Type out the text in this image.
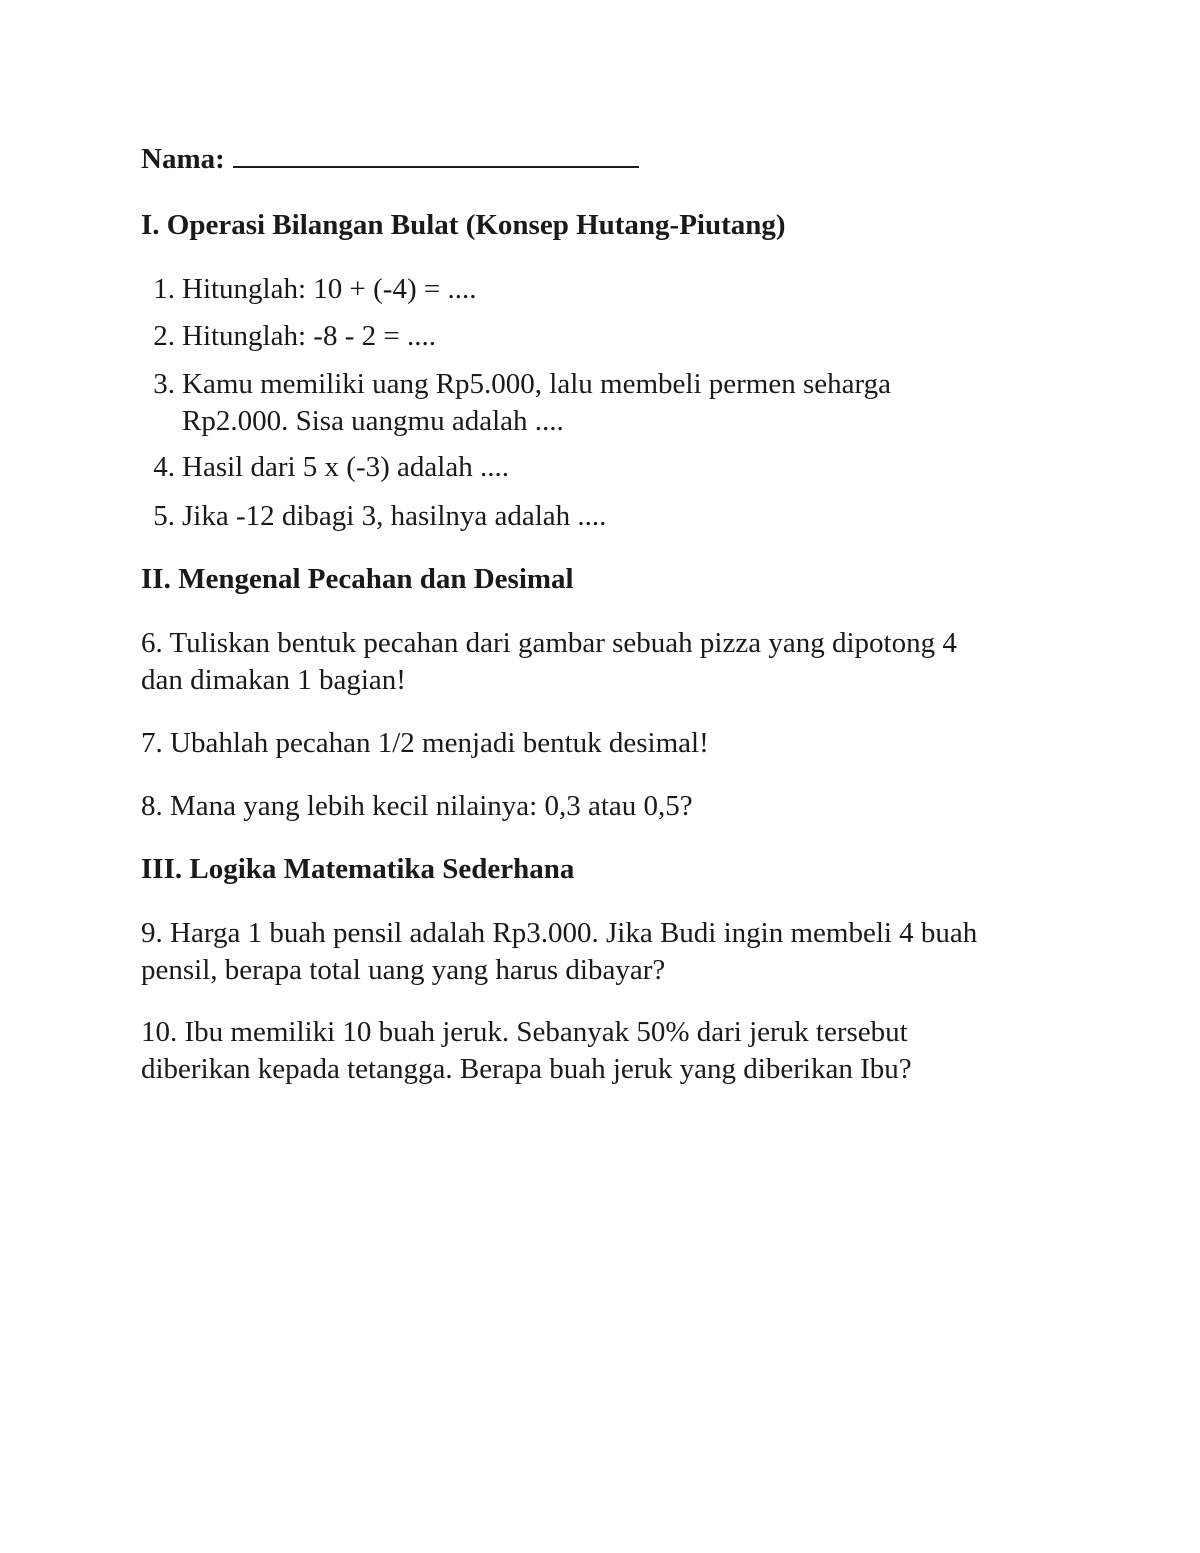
Nama:
I. Operasi Bilangan Bulat (Konsep Hutang-Piutang)
1. Hitunglah: 10 + (-4) = ....
2. Hitunglah: -8 - 2 = ....
3. Kamu memiliki uang Rp5.000, lalu membeli permen seharga
Rp2.000. Sisa uangmu adalah ....
4. Hasil dari 5 x (-3) adalah ....
5. Jika -12 dibagi 3, hasilnya adalah ....
II. Mengenal Pecahan dan Desimal
6. Tuliskan bentuk pecahan dari gambar sebuah pizza yang dipotong 4
dan dimakan 1 bagian!
7. Ubahlah pecahan 1/2 menjadi bentuk desimal!
8. Mana yang lebih kecil nilainya: 0,3 atau 0,5?
III. Logika Matematika Sederhana
9. Harga 1 buah pensil adalah Rp3.000. Jika Budi ingin membeli 4 buah
pensil, berapa total uang yang harus dibayar?
10. Ibu memiliki 10 buah jeruk. Sebanyak 50% dari jeruk tersebut
diberikan kepada tetangga. Berapa buah jeruk yang diberikan Ibu?
